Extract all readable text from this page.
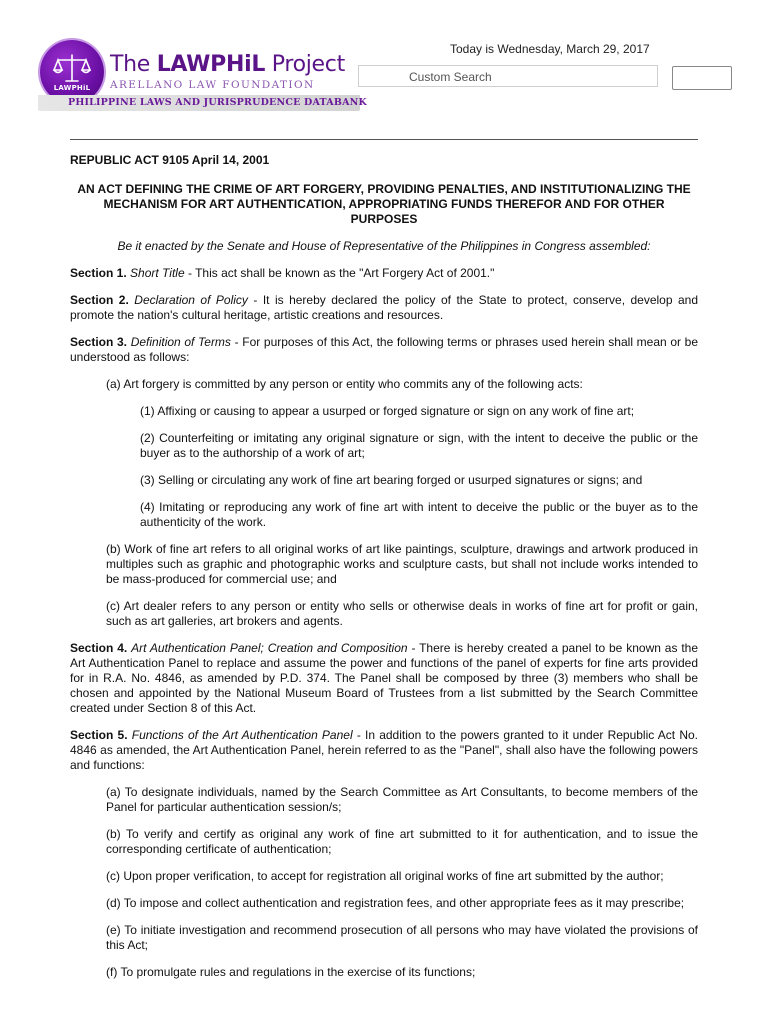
LAWPHiL
The LAWPHiL Project
ARELLANO LAW FOUNDATION
PHILIPPINE LAWS AND JURISPRUDENCE DATABANK
Today is Wednesday, March 29, 2017
Custom Search

REPUBLIC ACT 9105 April 14, 2001

AN ACT DEFINING THE CRIME OF ART FORGERY, PROVIDING PENALTIES, AND INSTITUTIONALIZING THE MECHANISM FOR ART AUTHENTICATION, APPROPRIATING FUNDS THEREFOR AND FOR OTHER PURPOSES

Be it enacted by the Senate and House of Representative of the Philippines in Congress assembled:

Section 1. Short Title - This act shall be known as the "Art Forgery Act of 2001."

Section 2. Declaration of Policy - It is hereby declared the policy of the State to protect, conserve, develop and promote the nation's cultural heritage, artistic creations and resources.

Section 3. Definition of Terms - For purposes of this Act, the following terms or phrases used herein shall mean or be understood as follows:

(a) Art forgery is committed by any person or entity who commits any of the following acts:

(1) Affixing or causing to appear a usurped or forged signature or sign on any work of fine art;

(2) Counterfeiting or imitating any original signature or sign, with the intent to deceive the public or the buyer as to the authorship of a work of art;

(3) Selling or circulating any work of fine art bearing forged or usurped signatures or signs; and

(4) Imitating or reproducing any work of fine art with intent to deceive the public or the buyer as to the authenticity of the work.

(b) Work of fine art refers to all original works of art like paintings, sculpture, drawings and artwork produced in multiples such as graphic and photographic works and sculpture casts, but shall not include works intended to be mass-produced for commercial use; and

(c) Art dealer refers to any person or entity who sells or otherwise deals in works of fine art for profit or gain, such as art galleries, art brokers and agents.

Section 4. Art Authentication Panel; Creation and Composition - There is hereby created a panel to be known as the Art Authentication Panel to replace and assume the power and functions of the panel of experts for fine arts provided for in R.A. No. 4846, as amended by P.D. 374. The Panel shall be composed by three (3) members who shall be chosen and appointed by the National Museum Board of Trustees from a list submitted by the Search Committee created under Section 8 of this Act.

Section 5. Functions of the Art Authentication Panel - In addition to the powers granted to it under Republic Act No. 4846 as amended, the Art Authentication Panel, herein referred to as the "Panel", shall also have the following powers and functions:

(a) To designate individuals, named by the Search Committee as Art Consultants, to become members of the Panel for particular authentication session/s;

(b) To verify and certify as original any work of fine art submitted to it for authentication, and to issue the corresponding certificate of authentication;

(c) Upon proper verification, to accept for registration all original works of fine art submitted by the author;

(d) To impose and collect authentication and registration fees, and other appropriate fees as it may prescribe;

(e) To initiate investigation and recommend prosecution of all persons who may have violated the provisions of this Act;

(f) To promulgate rules and regulations in the exercise of its functions;
